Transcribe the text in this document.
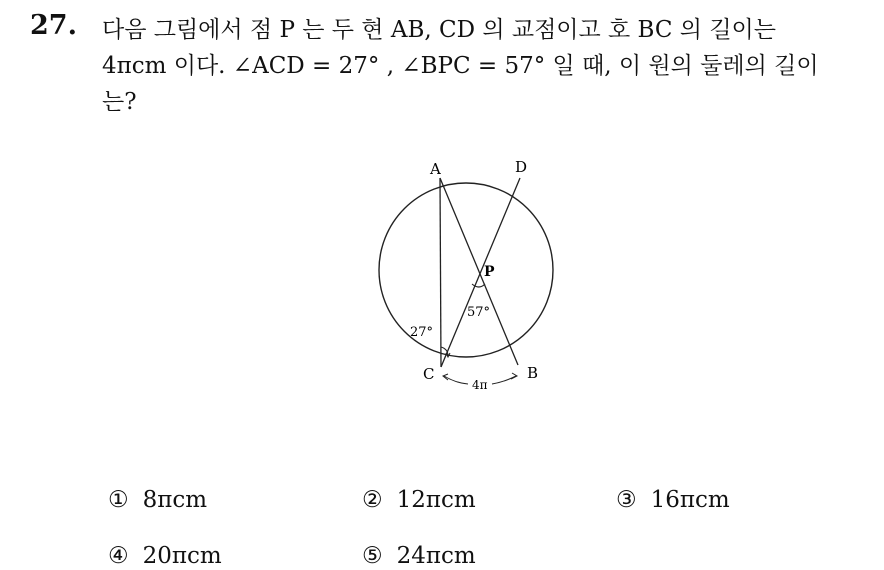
27. 다음 그림에서 점 P 는 두 현 AB, CD 의 교점이고 호 BC 의 길이는
4πcm 이다. ∠ACD = 27° , ∠BPC = 57° 일 때, 이 원의 둘레의 길이
는?
A	D
P
57°
27°
C	B
4π
① 8πcm	② 12πcm	③ 16πcm
④ 20πcm	⑤ 24πcm
